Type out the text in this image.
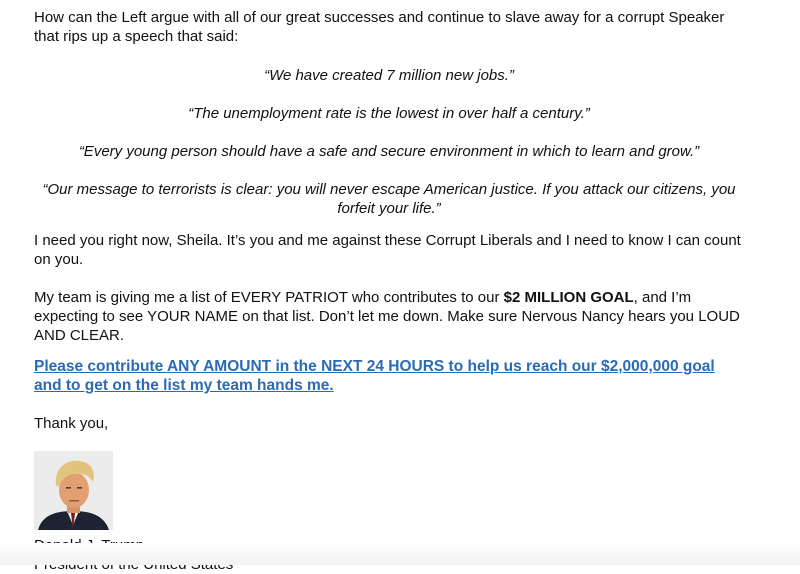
How can the Left argue with all of our great successes and continue to slave away for a corrupt Speaker that rips up a speech that said:

“We have created 7 million new jobs.”

“The unemployment rate is the lowest in over half a century.”

“Every young person should have a safe and secure environment in which to learn and grow.”

“Our message to terrorists is clear: you will never escape American justice. If you attack our citizens, you forfeit your life.”

I need you right now, Sheila. It’s you and me against these Corrupt Liberals and I need to know I can count on you.

My team is giving me a list of EVERY PATRIOT who contributes to our $2 MILLION GOAL, and I’m expecting to see YOUR NAME on that list. Don’t let me down. Make sure Nervous Nancy hears you LOUD AND CLEAR.

Please contribute ANY AMOUNT in the NEXT 24 HOURS to help us reach our $2,000,000 goal and to get on the list my team hands me.

Thank you,
